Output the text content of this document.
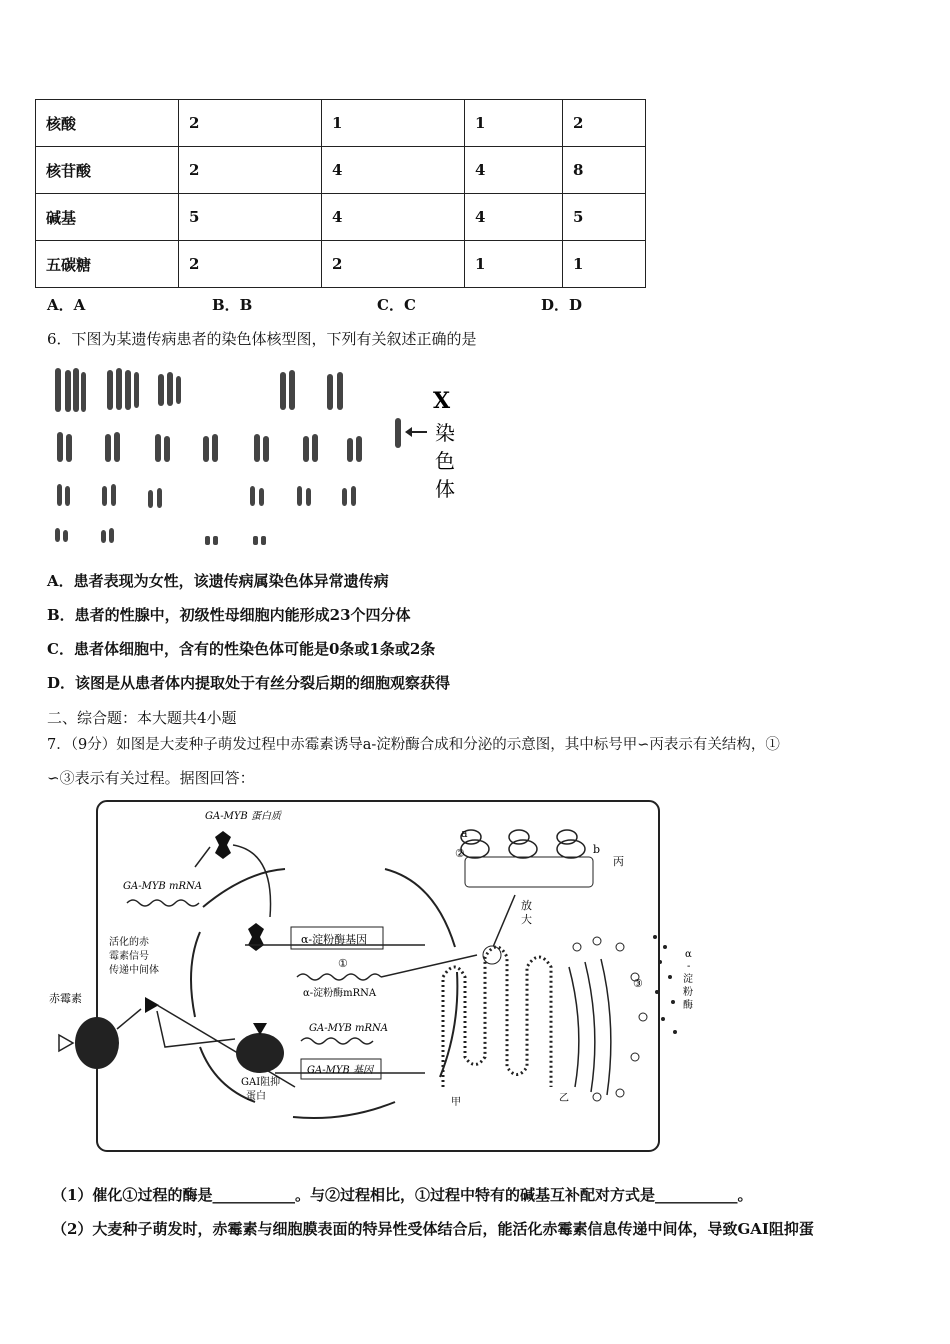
核酸	2	1	1	2
核苷酸	2	4	4	8
碱基	5	4	4	5
五碳糖	2	2	1	1
A．A	B．B	C．C	D．D
6．下图为某遗传病患者的染色体核型图，下列有关叙述正确的是
X
染 色 体
A．患者表现为女性，该遗传病属染色体异常遗传病
B．患者的性腺中，初级性母细胞内能形成23个四分体
C．患者体细胞中，含有的性染色体可能是0条或1条或2条
D．该图是从患者体内提取处于有丝分裂后期的细胞观察获得
二、综合题：本大题共4小题
7．（9分）如图是大麦种子萌发过程中赤霉素诱导a-淀粉酶合成和分泌的示意图，其中标号甲∽丙表示有关结构，①
∽③表示有关过程。据图回答：
GA-MYB 蛋白质
GA-MYB mRNA
α-淀粉酶基因
①
α-淀粉酶mRNA
活化的赤
霉素信号
传递中间体
赤霉素
GAI阻抑
蛋白
GA-MYB mRNA
GA-MYB 基因
a
b
②
丙
放
大
甲	乙
③
α - 淀 粉 酶
（1）催化①过程的酶是___________。与②过程相比，①过程中特有的碱基互补配对方式是___________。
（2）大麦种子萌发时，赤霉素与细胞膜表面的特异性受体结合后，能活化赤霉素信息传递中间体，导致GAI阻抑蛋
